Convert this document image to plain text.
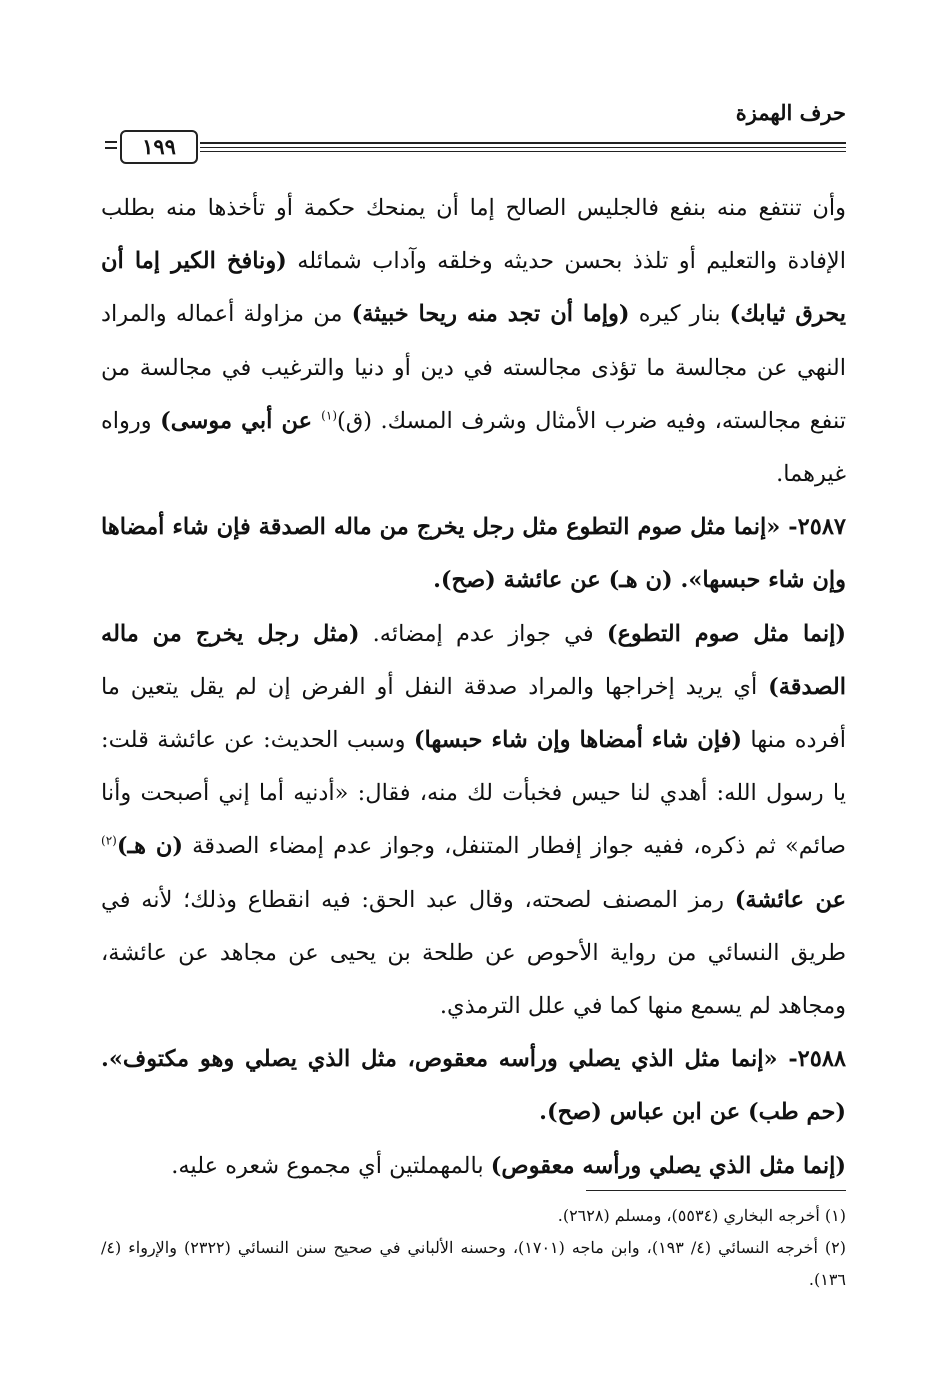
حرف الهمزة
١٩٩

وأن تنتفع منه بنفع فالجليس الصالح إما أن يمنحك حكمة أو تأخذها منه بطلب الإفادة والتعليم أو تلذذ بحسن حديثه وخلقه وآداب شمائله (ونافخ الكير إما أن يحرق ثيابك) بنار كيره (وإما أن تجد منه ريحا خبيثة) من مزاولة أعماله والمراد النهي عن مجالسة ما تؤذى مجالسته في دين أو دنيا والترغيب في مجالسة من تنفع مجالسته، وفيه ضرب الأمثال وشرف المسك. (ق)$^{(١)}$ عن أبي موسى) ورواه غيرهما.

٢٥٨٧- «إنما مثل صوم التطوع مثل رجل يخرج من ماله الصدقة فإن شاء أمضاها وإن شاء حبسها». (ن هـ) عن عائشة (صح).

(إنما مثل صوم التطوع) في جواز عدم إمضائه. (مثل رجل يخرج من ماله الصدقة) أي يريد إخراجها والمراد صدقة النفل أو الفرض إن لم يقل يتعين ما أفرده منها (فإن شاء أمضاها وإن شاء حبسها) وسبب الحديث: عن عائشة قلت: يا رسول الله: أهدي لنا حيس فخبأت لك منه، فقال: «أدنيه أما إني أصبحت وأنا صائم» ثم ذكره، ففيه جواز إفطار المتنفل، وجواز عدم إمضاء الصدقة (ن هـ)$^{(٢)}$ عن عائشة) رمز المصنف لصحته، وقال عبد الحق: فيه انقطاع وذلك؛ لأنه في طريق النسائي من رواية الأحوص عن طلحة بن يحيى عن مجاهد عن عائشة، ومجاهد لم يسمع منها كما في علل الترمذي.

٢٥٨٨- «إنما مثل الذي يصلي ورأسه معقوص، مثل الذي يصلي وهو مكتوف». (حم طب) عن ابن عباس (صح).

(إنما مثل الذي يصلي ورأسه معقوص) بالمهملتين أي مجموع شعره عليه.

(١) أخرجه البخاري (٥٥٣٤)، ومسلم (٢٦٢٨).

(٢) أخرجه النسائي (٤/ ١٩٣)، وابن ماجه (١٧٠١)، وحسنه الألباني في صحيح سنن النسائي (٢٣٢٢) والإرواء (٤/ ١٣٦).
